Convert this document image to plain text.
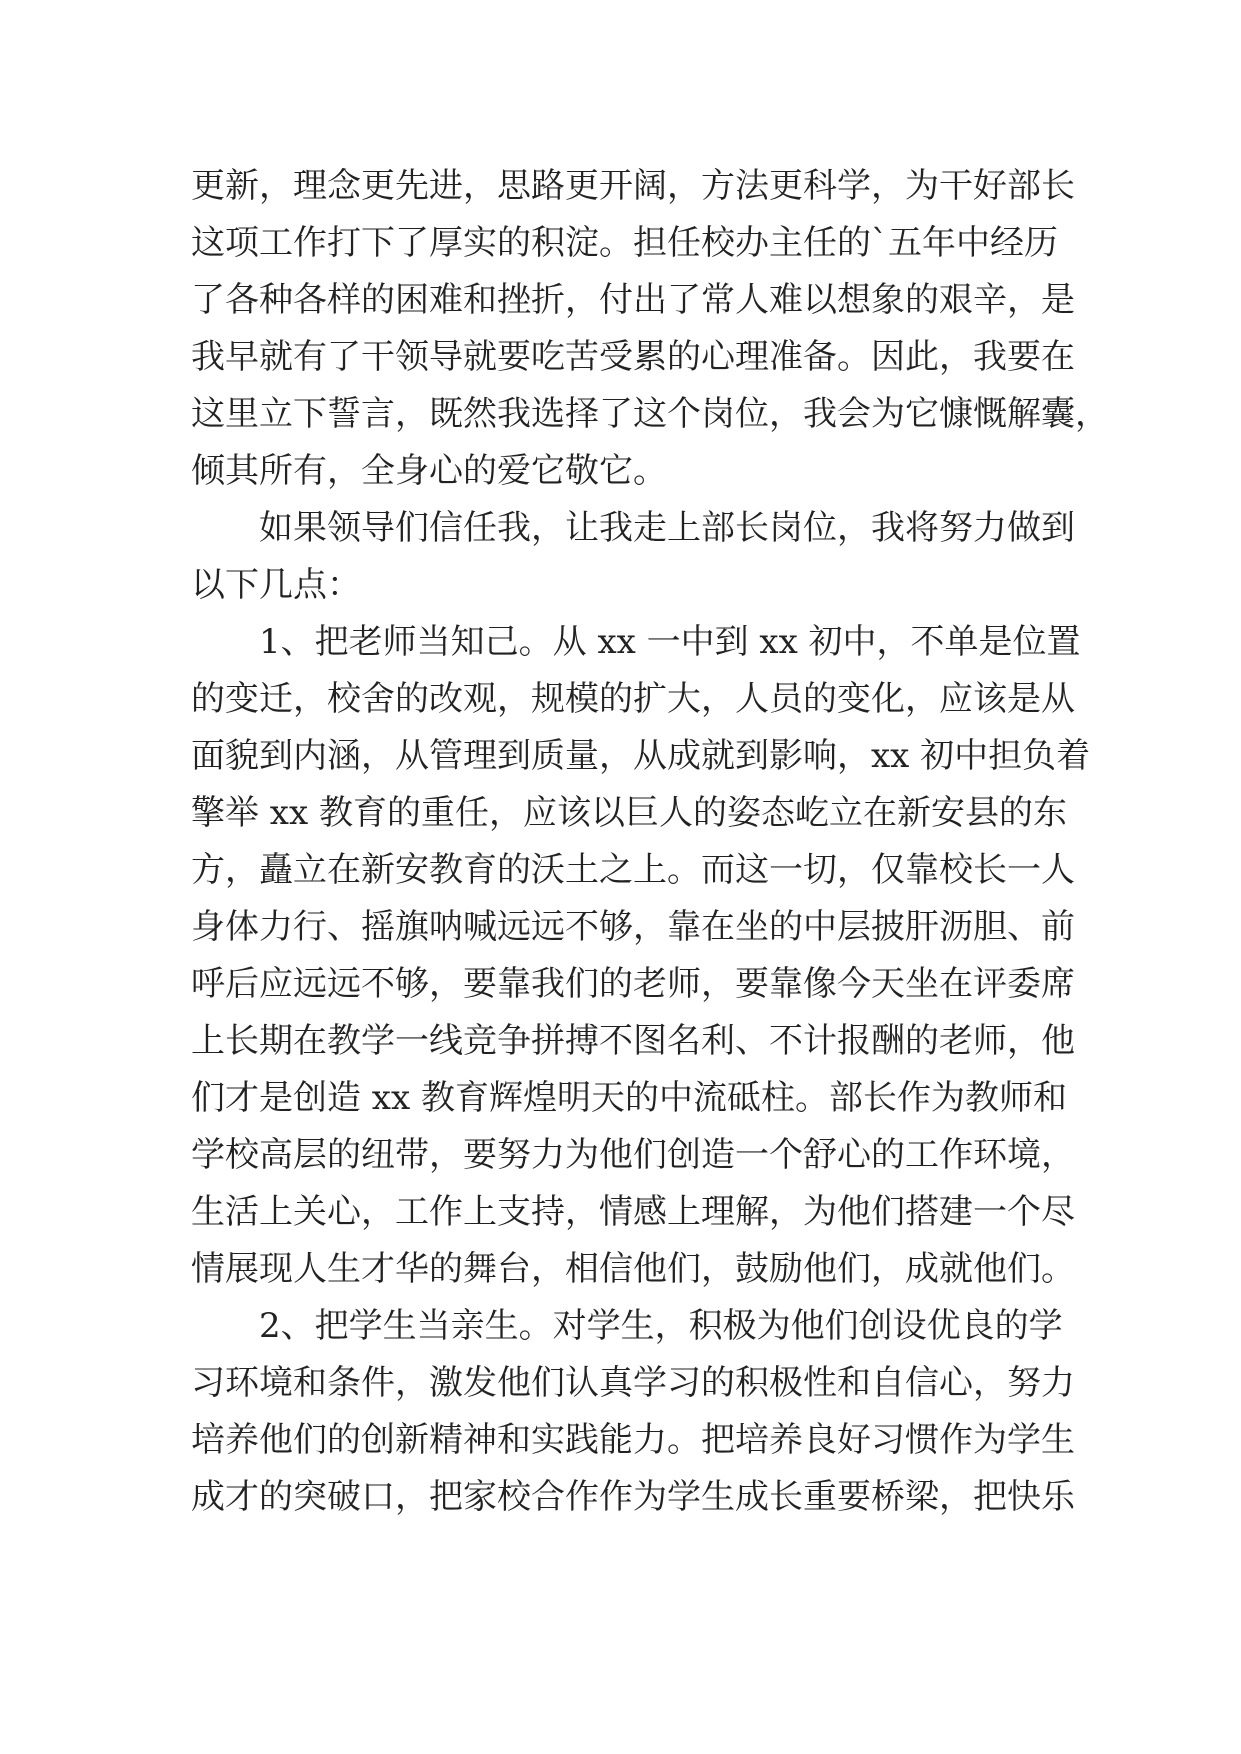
更新，理念更先进，思路更开阔，方法更科学，为干好部长
这项工作打下了厚实的积淀。担任校办主任的`五年中经历
了各种各样的困难和挫折，付出了常人难以想象的艰辛，是
我早就有了干领导就要吃苦受累的心理准备。因此，我要在
这里立下誓言，既然我选择了这个岗位，我会为它慷慨解囊，
倾其所有，全身心的爱它敬它。
　　如果领导们信任我，让我走上部长岗位，我将努力做到
以下几点：
　　1、把老师当知己。从 xx 一中到 xx 初中，不单是位置
的变迁，校舍的改观，规模的扩大，人员的变化，应该是从
面貌到内涵，从管理到质量，从成就到影响，xx 初中担负着
擎举 xx 教育的重任，应该以巨人的姿态屹立在新安县的东
方，矗立在新安教育的沃土之上。而这一切，仅靠校长一人
身体力行、摇旗呐喊远远不够，靠在坐的中层披肝沥胆、前
呼后应远远不够，要靠我们的老师，要靠像今天坐在评委席
上长期在教学一线竞争拼搏不图名利、不计报酬的老师，他
们才是创造 xx 教育辉煌明天的中流砥柱。部长作为教师和
学校高层的纽带，要努力为他们创造一个舒心的工作环境，
生活上关心，工作上支持，情感上理解，为他们搭建一个尽
情展现人生才华的舞台，相信他们，鼓励他们，成就他们。
　　2、把学生当亲生。对学生，积极为他们创设优良的学
习环境和条件，激发他们认真学习的积极性和自信心，努力
培养他们的创新精神和实践能力。把培养良好习惯作为学生
成才的突破口，把家校合作作为学生成长重要桥梁，把快乐
